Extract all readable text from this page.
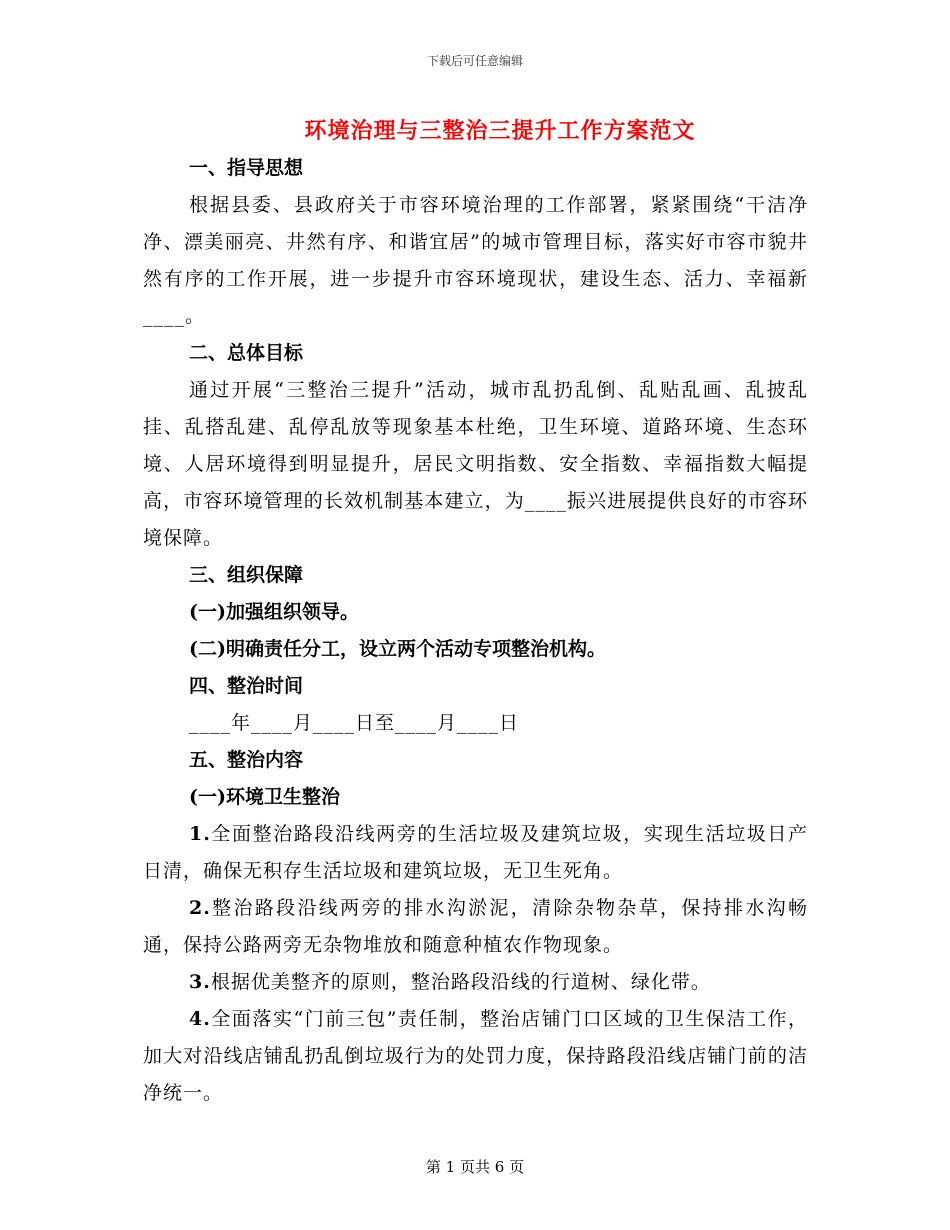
下载后可任意编辑
环境治理与三整治三提升工作方案范文

一、指导思想

根据县委、县政府关于市容环境治理的工作部署，紧紧围绕“干洁净净、漂美丽亮、井然有序、和谐宜居”的城市管理目标，落实好市容市貌井然有序的工作开展，进一步提升市容环境现状，建设生态、活力、幸福新____。

二、总体目标

通过开展“三整治三提升”活动，城市乱扔乱倒、乱贴乱画、乱披乱挂、乱搭乱建、乱停乱放等现象基本杜绝，卫生环境、道路环境、生态环境、人居环境得到明显提升，居民文明指数、安全指数、幸福指数大幅提高，市容环境管理的长效机制基本建立，为____振兴进展提供良好的市容环境保障。

三、组织保障

(一)加强组织领导。

(二)明确责任分工，设立两个活动专项整治机构。

四、整治时间

____年____月____日至____月____日

五、整治内容

(一)环境卫生整治

1.全面整治路段沿线两旁的生活垃圾及建筑垃圾，实现生活垃圾日产日清，确保无积存生活垃圾和建筑垃圾，无卫生死角。

2.整治路段沿线两旁的排水沟淤泥，清除杂物杂草，保持排水沟畅通，保持公路两旁无杂物堆放和随意种植农作物现象。

3.根据优美整齐的原则，整治路段沿线的行道树、绿化带。

4.全面落实“门前三包”责任制，整治店铺门口区域的卫生保洁工作，加大对沿线店铺乱扔乱倒垃圾行为的处罚力度，保持路段沿线店铺门前的洁净统一。

第 1 页共 6 页
